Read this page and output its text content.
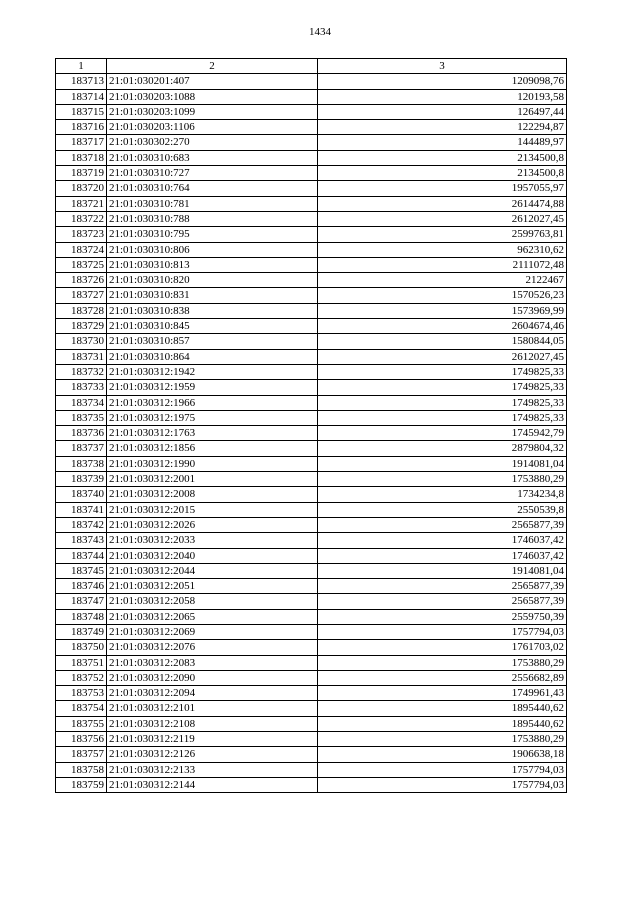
1434
1	2	3
183713	21:01:030201:407	1209098,76
183714	21:01:030203:1088	120193,58
183715	21:01:030203:1099	126497,44
183716	21:01:030203:1106	122294,87
183717	21:01:030302:270	144489,97
183718	21:01:030310:683	2134500,8
183719	21:01:030310:727	2134500,8
183720	21:01:030310:764	1957055,97
183721	21:01:030310:781	2614474,88
183722	21:01:030310:788	2612027,45
183723	21:01:030310:795	2599763,81
183724	21:01:030310:806	962310,62
183725	21:01:030310:813	2111072,48
183726	21:01:030310:820	2122467
183727	21:01:030310:831	1570526,23
183728	21:01:030310:838	1573969,99
183729	21:01:030310:845	2604674,46
183730	21:01:030310:857	1580844,05
183731	21:01:030310:864	2612027,45
183732	21:01:030312:1942	1749825,33
183733	21:01:030312:1959	1749825,33
183734	21:01:030312:1966	1749825,33
183735	21:01:030312:1975	1749825,33
183736	21:01:030312:1763	1745942,79
183737	21:01:030312:1856	2879804,32
183738	21:01:030312:1990	1914081,04
183739	21:01:030312:2001	1753880,29
183740	21:01:030312:2008	1734234,8
183741	21:01:030312:2015	2550539,8
183742	21:01:030312:2026	2565877,39
183743	21:01:030312:2033	1746037,42
183744	21:01:030312:2040	1746037,42
183745	21:01:030312:2044	1914081,04
183746	21:01:030312:2051	2565877,39
183747	21:01:030312:2058	2565877,39
183748	21:01:030312:2065	2559750,39
183749	21:01:030312:2069	1757794,03
183750	21:01:030312:2076	1761703,02
183751	21:01:030312:2083	1753880,29
183752	21:01:030312:2090	2556682,89
183753	21:01:030312:2094	1749961,43
183754	21:01:030312:2101	1895440,62
183755	21:01:030312:2108	1895440,62
183756	21:01:030312:2119	1753880,29
183757	21:01:030312:2126	1906638,18
183758	21:01:030312:2133	1757794,03
183759	21:01:030312:2144	1757794,03
